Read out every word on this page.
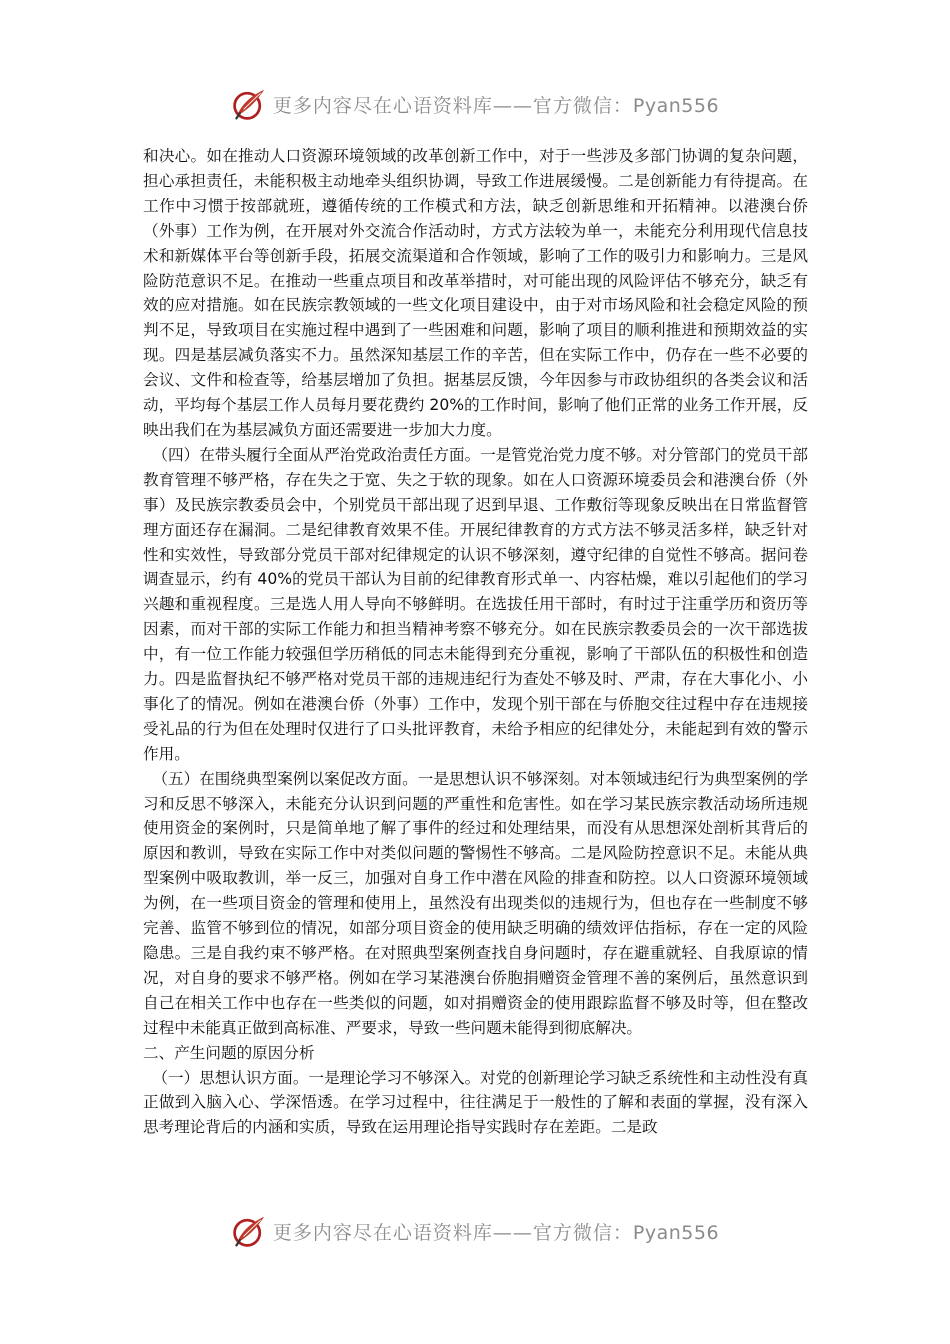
更多内容尽在心语资料库——官方微信：Pyan556

和决心。如在推动人口资源环境领域的改革创新工作中，对于一些涉及多部门协调的复杂问题，担心承担责任，未能积极主动地牵头组织协调，导致工作进展缓慢。二是创新能力有待提高。在工作中习惯于按部就班，遵循传统的工作模式和方法，缺乏创新思维和开拓精神。以港澳台侨（外事）工作为例，在开展对外交流合作活动时，方式方法较为单一，未能充分利用现代信息技术和新媒体平台等创新手段，拓展交流渠道和合作领域，影响了工作的吸引力和影响力。三是风险防范意识不足。在推动一些重点项目和改革举措时，对可能出现的风险评估不够充分，缺乏有效的应对措施。如在民族宗教领域的一些文化项目建设中，由于对市场风险和社会稳定风险的预判不足，导致项目在实施过程中遇到了一些困难和问题，影响了项目的顺利推进和预期效益的实现。四是基层减负落实不力。虽然深知基层工作的辛苦，但在实际工作中，仍存在一些不必要的会议、文件和检查等，给基层增加了负担。据基层反馈，今年因参与市政协组织的各类会议和活动，平均每个基层工作人员每月要花费约 20%的工作时间，影响了他们正常的业务工作开展，反映出我们在为基层减负方面还需要进一步加大力度。

（四）在带头履行全面从严治党政治责任方面。一是管党治党力度不够。对分管部门的党员干部教育管理不够严格，存在失之于宽、失之于软的现象。如在人口资源环境委员会和港澳台侨（外事）及民族宗教委员会中，个别党员干部出现了迟到早退、工作敷衍等现象反映出在日常监督管理方面还存在漏洞。二是纪律教育效果不佳。开展纪律教育的方式方法不够灵活多样，缺乏针对性和实效性，导致部分党员干部对纪律规定的认识不够深刻，遵守纪律的自觉性不够高。据问卷调查显示，约有 40%的党员干部认为目前的纪律教育形式单一、内容枯燥，难以引起他们的学习兴趣和重视程度。三是选人用人导向不够鲜明。在选拔任用干部时，有时过于注重学历和资历等因素，而对干部的实际工作能力和担当精神考察不够充分。如在民族宗教委员会的一次干部选拔中，有一位工作能力较强但学历稍低的同志未能得到充分重视，影响了干部队伍的积极性和创造力。四是监督执纪不够严格对党员干部的违规违纪行为查处不够及时、严肃，存在大事化小、小事化了的情况。例如在港澳台侨（外事）工作中，发现个别干部在与侨胞交往过程中存在违规接受礼品的行为但在处理时仅进行了口头批评教育，未给予相应的纪律处分，未能起到有效的警示作用。

（五）在围绕典型案例以案促改方面。一是思想认识不够深刻。对本领域违纪行为典型案例的学习和反思不够深入，未能充分认识到问题的严重性和危害性。如在学习某民族宗教活动场所违规使用资金的案例时，只是简单地了解了事件的经过和处理结果，而没有从思想深处剖析其背后的原因和教训，导致在实际工作中对类似问题的警惕性不够高。二是风险防控意识不足。未能从典型案例中吸取教训，举一反三，加强对自身工作中潜在风险的排查和防控。以人口资源环境领域为例，在一些项目资金的管理和使用上，虽然没有出现类似的违规行为，但也存在一些制度不够完善、监管不够到位的情况，如部分项目资金的使用缺乏明确的绩效评估指标，存在一定的风险隐患。三是自我约束不够严格。在对照典型案例查找自身问题时，存在避重就轻、自我原谅的情况，对自身的要求不够严格。例如在学习某港澳台侨胞捐赠资金管理不善的案例后，虽然意识到自己在相关工作中也存在一些类似的问题，如对捐赠资金的使用跟踪监督不够及时等，但在整改过程中未能真正做到高标准、严要求，导致一些问题未能得到彻底解决。

二、产生问题的原因分析

（一）思想认识方面。一是理论学习不够深入。对党的创新理论学习缺乏系统性和主动性没有真正做到入脑入心、学深悟透。在学习过程中，往往满足于一般性的了解和表面的掌握，没有深入思考理论背后的内涵和实质，导致在运用理论指导实践时存在差距。二是政

更多内容尽在心语资料库——官方微信：Pyan556
